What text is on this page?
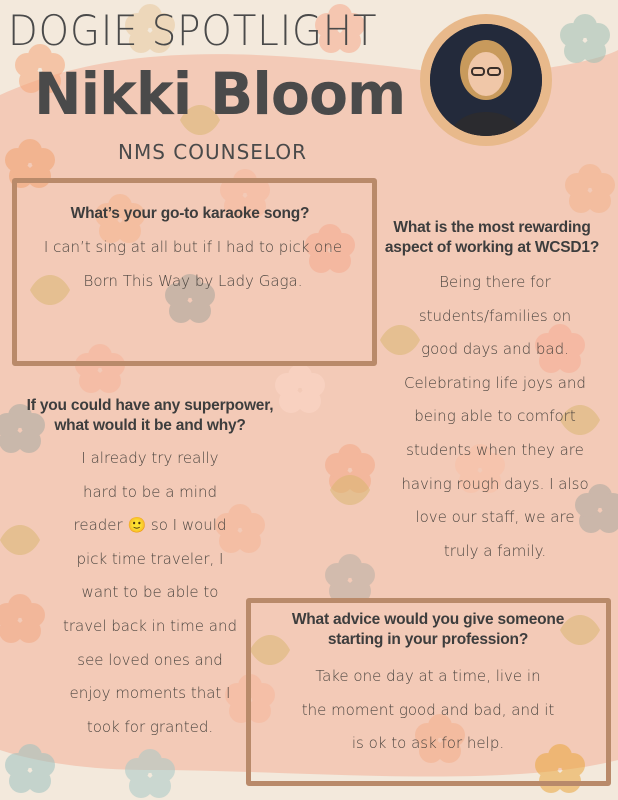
DOGIE SPOTLIGHT
Nikki Bloom
NMS COUNSELOR
What’s your go-to karaoke song?
I can’t sing at all but if I had to pick one
Born This Way by Lady Gaga.
What is the most rewarding
aspect of working at WCSD1?
Being there for
students/families on
good days and bad.
Celebrating life joys and
being able to comfort
students when they are
having rough days. I also
love our staff, we are
truly a family.
If you could have any superpower,
what would it be and why?
I already try really
hard to be a mind
reader 🙂 so I would
pick time traveler, I
want to be able to
travel back in time and
see loved ones and
enjoy moments that I
took for granted.
What advice would you give someone
starting in your profession?
Take one day at a time, live in
the moment good and bad, and it
is ok to ask for help.
